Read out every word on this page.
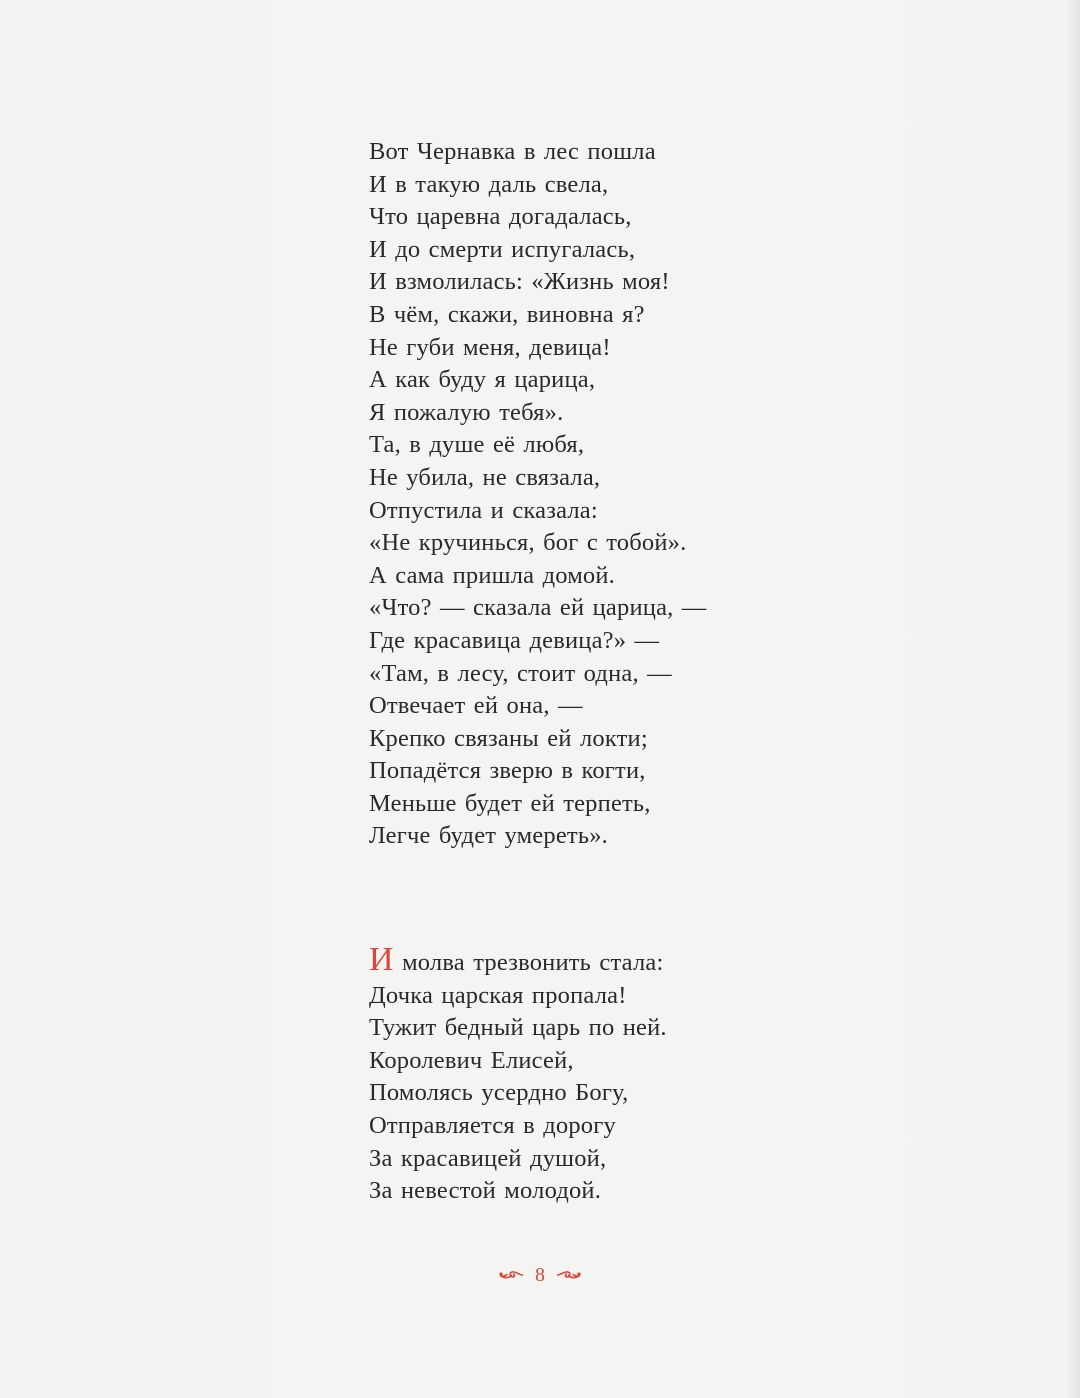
Вот Чернавка в лес пошла
И в такую даль свела,
Что царевна догадалась,
И до смерти испугалась,
И взмолилась: «Жизнь моя!
В чём, скажи, виновна я?
Не губи меня, девица!
А как буду я царица,
Я пожалую тебя».
Та, в душе её любя,
Не убила, не связала,
Отпустила и сказала:
«Не кручинься, бог с тобой».
А сама пришла домой.
«Что? — сказала ей царица, —
Где красавица девица?» —
«Там, в лесу, стоит одна, —
Отвечает ей она, —
Крепко связаны ей локти;
Попадётся зверю в когти,
Меньше будет ей терпеть,
Легче будет умереть».
И молва трезвонить стала:
Дочка царская пропала!
Тужит бедный царь по ней.
Королевич Елисей,
Помолясь усердно Богу,
Отправляется в дорогу
За красавицей душой,
За невестой молодой.
8
